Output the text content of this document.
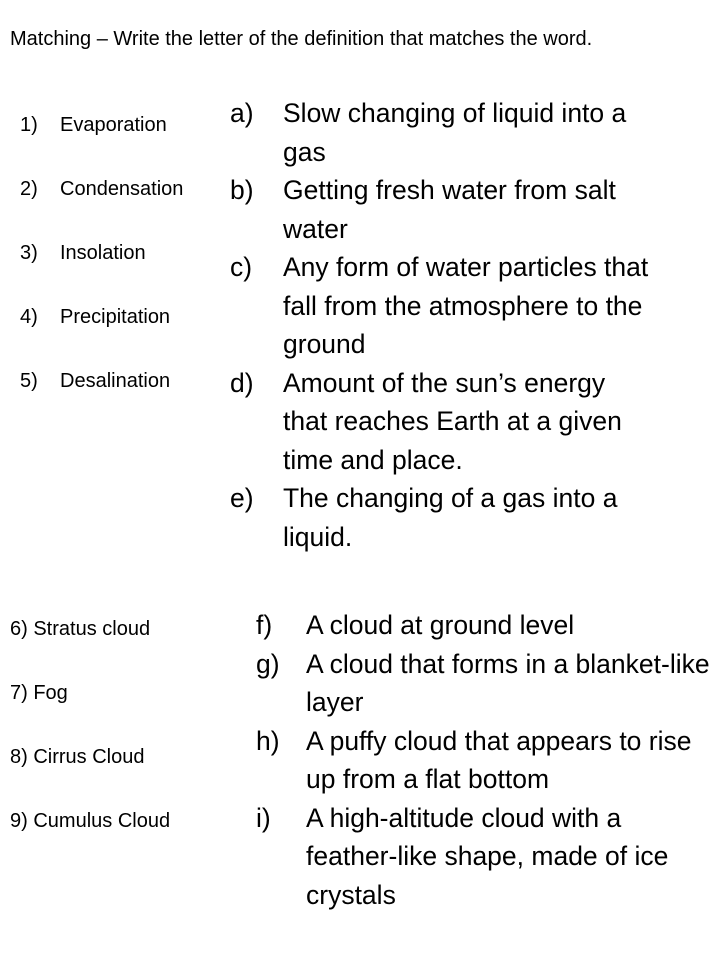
Matching – Write the letter of the definition that matches the word.

1) Evaporation
2) Condensation
3) Insolation
4) Precipitation
5) Desalination
a) Slow changing of liquid into a gas
b) Getting fresh water from salt water
c) Any form of water particles that fall from the atmosphere to the ground
d) Amount of the sun’s energy that reaches Earth at a given time and place.
e) The changing of a gas into a liquid.
6) Stratus cloud
7) Fog
8) Cirrus Cloud
9) Cumulus Cloud
f) A cloud at ground level
g) A cloud that forms in a blanket-like layer
h) A puffy cloud that appears to rise up from a flat bottom
i) A high-altitude cloud with a feather-like shape, made of ice crystals
